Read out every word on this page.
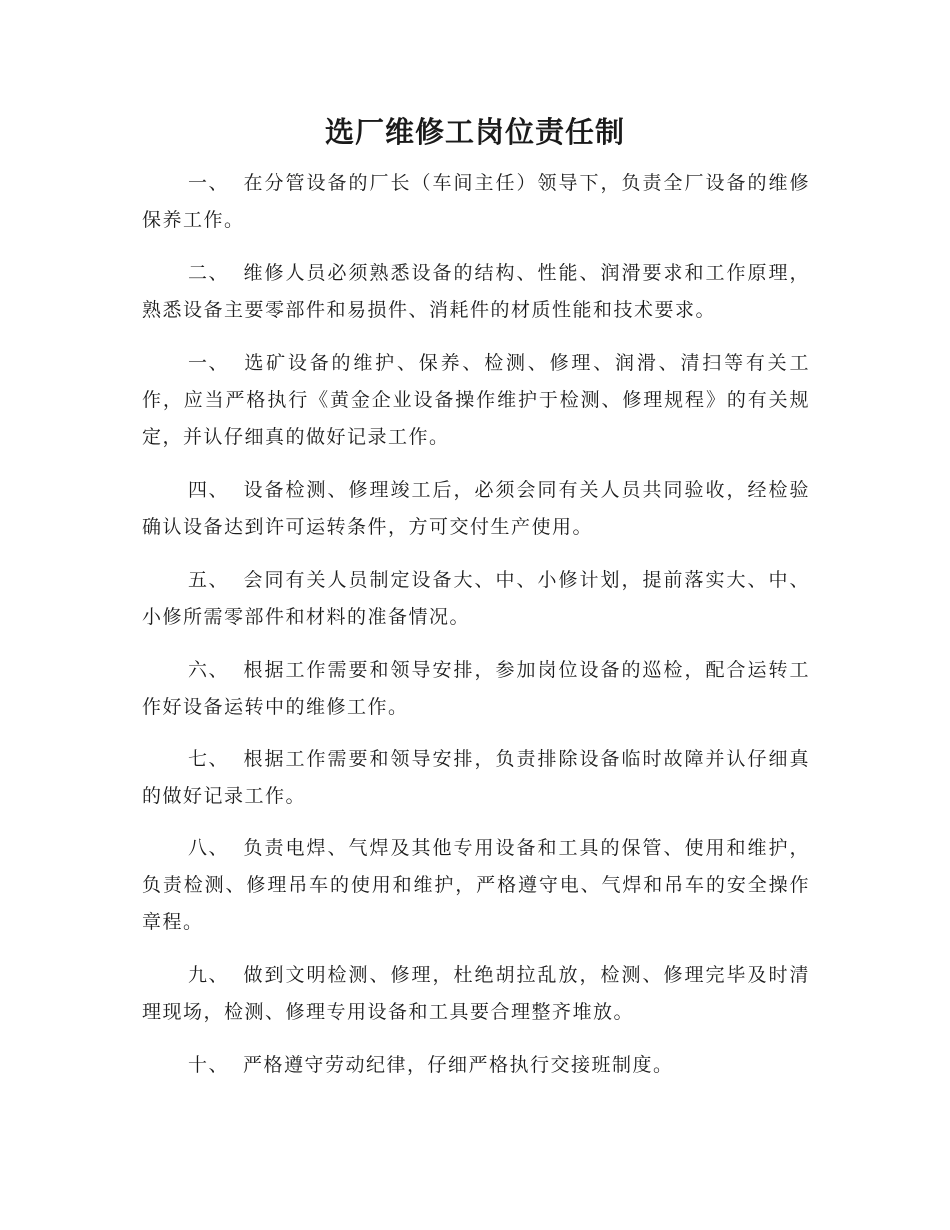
选厂维修工岗位责任制

一、 在分管设备的厂长（车间主任）领导下，负责全厂设备的维修保养工作。

二、 维修人员必须熟悉设备的结构、性能、润滑要求和工作原理，熟悉设备主要零部件和易损件、消耗件的材质性能和技术要求。

一、 选矿设备的维护、保养、检测、修理、润滑、清扫等有关工作，应当严格执行《黄金企业设备操作维护于检测、修理规程》的有关规定，并认仔细真的做好记录工作。

四、 设备检测、修理竣工后，必须会同有关人员共同验收，经检验确认设备达到许可运转条件，方可交付生产使用。

五、 会同有关人员制定设备大、中、小修计划，提前落实大、中、小修所需零部件和材料的准备情况。

六、 根据工作需要和领导安排，参加岗位设备的巡检，配合运转工作好设备运转中的维修工作。

七、 根据工作需要和领导安排，负责排除设备临时故障并认仔细真的做好记录工作。

八、 负责电焊、气焊及其他专用设备和工具的保管、使用和维护，负责检测、修理吊车的使用和维护，严格遵守电、气焊和吊车的安全操作章程。

九、 做到文明检测、修理，杜绝胡拉乱放，检测、修理完毕及时清理现场，检测、修理专用设备和工具要合理整齐堆放。

十、 严格遵守劳动纪律，仔细严格执行交接班制度。
